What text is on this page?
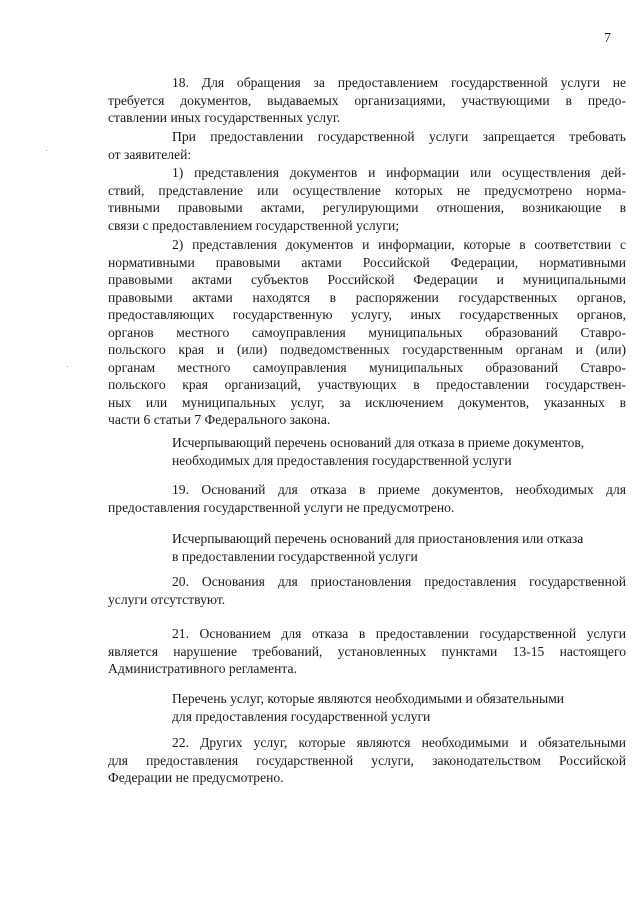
7
18. Для обращения за предоставлением государственной услуги не
требуется документов, выдаваемых организациями, участвующими в предо-
ставлении иных государственных услуг.
При предоставлении государственной услуги запрещается требовать
от заявителей:
1) представления документов и информации или осуществления дей-
ствий, представление или осуществление которых не предусмотрено норма-
тивными правовыми актами, регулирующими отношения, возникающие в
связи с предоставлением государственной услуги;
2) представления документов и информации, которые в соответствии с
нормативными правовыми актами Российской Федерации, нормативными
правовыми актами субъектов Российской Федерации и муниципальными
правовыми актами находятся в распоряжении государственных органов,
предоставляющих государственную услугу, иных государственных органов,
органов местного самоуправления муниципальных образований Ставро-
польского края и (или) подведомственных государственным органам и (или)
органам местного самоуправления муниципальных образований Ставро-
польского края организаций, участвующих в предоставлении государствен-
ных или муниципальных услуг, за исключением документов, указанных в
части 6 статьи 7 Федерального закона.
Исчерпывающий перечень оснований для отказа в приеме документов,
необходимых для предоставления государственной услуги
19. Оснований для отказа в приеме документов, необходимых для
предоставления государственной услуги не предусмотрено.
Исчерпывающий перечень оснований для приостановления или отказа
в предоставлении государственной услуги
20. Основания для приостановления предоставления государственной
услуги отсутствуют.
21. Основанием для отказа в предоставлении государственной услуги
является нарушение требований, установленных пунктами 13-15 настоящего
Административного регламента.
Перечень услуг, которые являются необходимыми и обязательными
для предоставления государственной услуги
22. Других услуг, которые являются необходимыми и обязательными
для предоставления государственной услуги, законодательством Российской
Федерации не предусмотрено.
